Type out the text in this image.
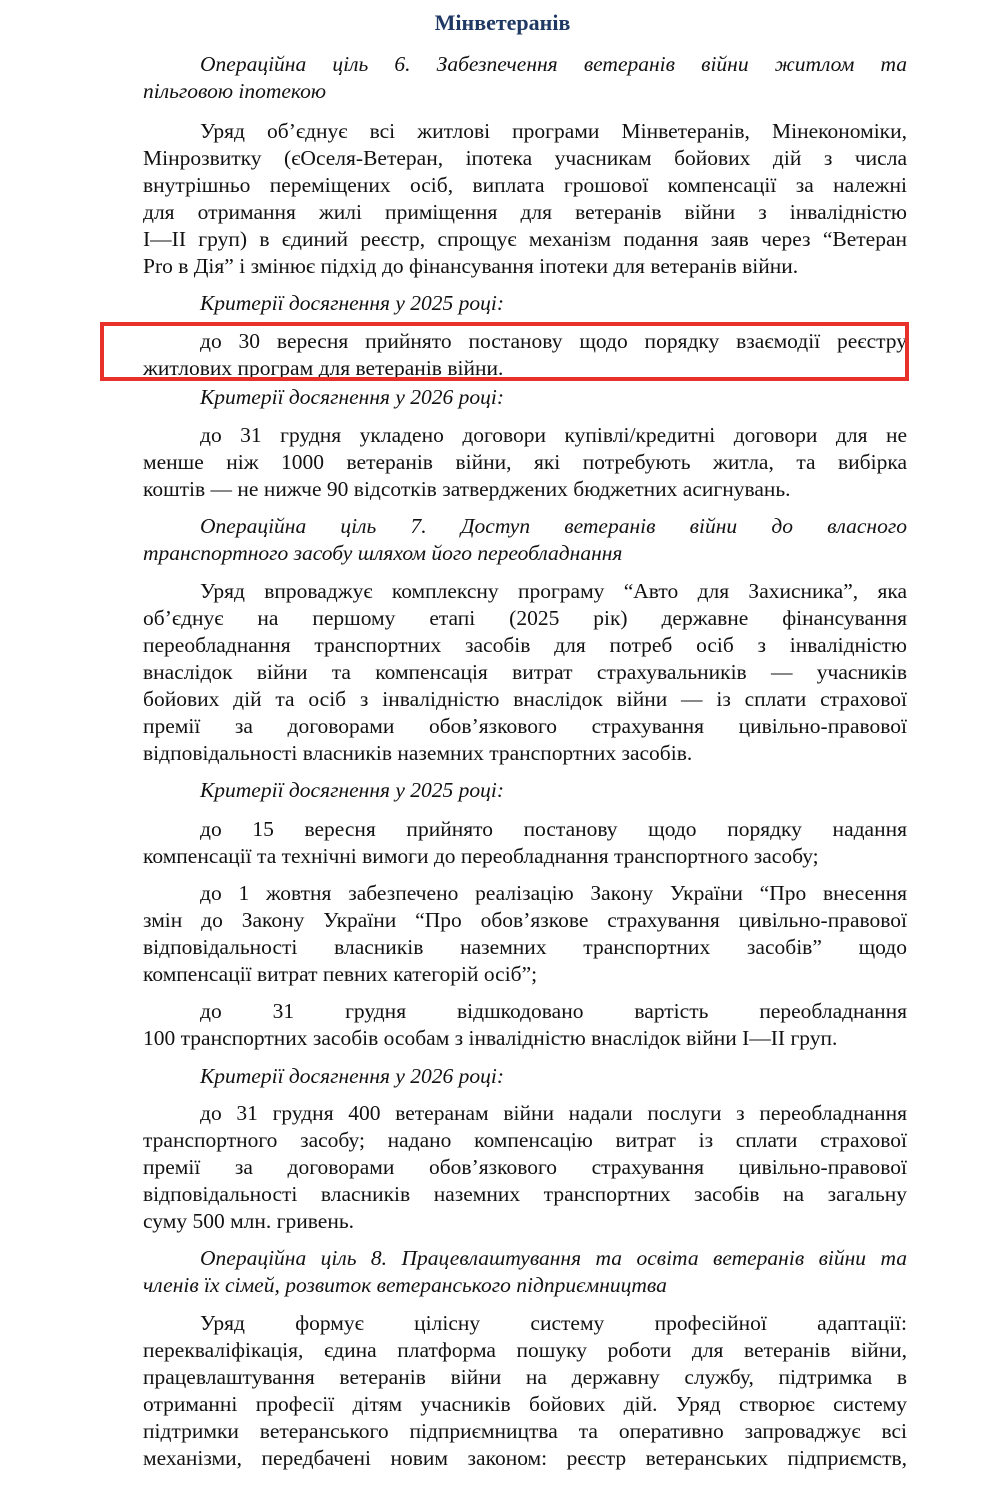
Мінветеранів
Операційна ціль 6. Забезпечення ветеранів війни житлом та
пільговою іпотекою
Уряд об’єднує всі житлові програми Мінветеранів, Мінекономіки,
Мінрозвитку (єОселя-Ветеран, іпотека учасникам бойових дій з числа
внутрішньо переміщених осіб, виплата грошової компенсації за належні
для отримання жилі приміщення для ветеранів війни з інвалідністю
I—II груп) в єдиний реєстр, спрощує механізм подання заяв через “Ветеран
Pro в Дія” і змінює підхід до фінансування іпотеки для ветеранів війни.
Критерії досягнення у 2025 році:
до 30 вересня прийнято постанову щодо порядку взаємодії реєстру
житлових програм для ветеранів війни.
Критерії досягнення у 2026 році:
до 31 грудня укладено договори купівлі/кредитні договори для не
менше ніж 1000 ветеранів війни, які потребують житла, та вибірка
коштів — не нижче 90 відсотків затверджених бюджетних асигнувань.
Операційна ціль 7. Доступ ветеранів війни до власного
транспортного засобу шляхом його переобладнання
Уряд впроваджує комплексну програму “Авто для Захисника”, яка
об’єднує на першому етапі (2025 рік) державне фінансування
переобладнання транспортних засобів для потреб осіб з інвалідністю
внаслідок війни та компенсація витрат страхувальників — учасників
бойових дій та осіб з інвалідністю внаслідок війни — із сплати страхової
премії за договорами обов’язкового страхування цивільно-правової
відповідальності власників наземних транспортних засобів.
Критерії досягнення у 2025 році:
до 15 вересня прийнято постанову щодо порядку надання
компенсації та технічні вимоги до переобладнання транспортного засобу;
до 1 жовтня забезпечено реалізацію Закону України “Про внесення
змін до Закону України “Про обов’язкове страхування цивільно-правової
відповідальності власників наземних транспортних засобів” щодо
компенсації витрат певних категорій осіб”;
до 31 грудня відшкодовано вартість переобладнання
100 транспортних засобів особам з інвалідністю внаслідок війни I—II груп.
Критерії досягнення у 2026 році:
до 31 грудня 400 ветеранам війни надали послуги з переобладнання
транспортного засобу; надано компенсацію витрат із сплати страхової
премії за договорами обов’язкового страхування цивільно-правової
відповідальності власників наземних транспортних засобів на загальну
суму 500 млн. гривень.
Операційна ціль 8. Працевлаштування та освіта ветеранів війни та
членів їх сімей, розвиток ветеранського підприємництва
Уряд формує цілісну систему професійної адаптації:
перекваліфікація, єдина платформа пошуку роботи для ветеранів війни,
працевлаштування ветеранів війни на державну службу, підтримка в
отриманні професії дітям учасників бойових дій. Уряд створює систему
підтримки ветеранського підприємництва та оперативно запроваджує всі
механізми, передбачені новим законом: реєстр ветеранських підприємств,
